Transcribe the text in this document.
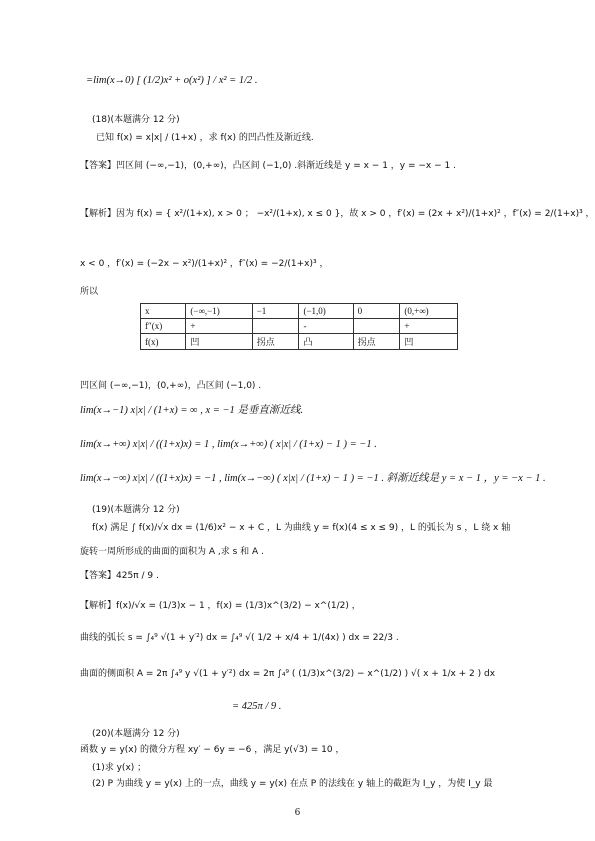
=lim(x→0) [ (1/2)x² + o(x²) ] / x² = 1/2 .
(18)(本题满分 12 分)
已知 f(x) = x|x| / (1+x) ，求 f(x) 的凹凸性及渐近线.
【答案】凹区间 (−∞,−1)，(0,+∞)，凸区间 (−1,0) .斜渐近线是 y = x − 1 ，y = −x − 1 .
【解析】因为 f(x) = { x²/(1+x), x > 0 ； −x²/(1+x), x ≤ 0 }，故 x > 0 ，f′(x) = (2x + x²)/(1+x)² ，f″(x) = 2/(1+x)³ ，
x < 0 ，f′(x) = (−2x − x²)/(1+x)² ，f″(x) = −2/(1+x)³ ，
所以
x	(−∞,−1)	−1	(−1,0)	0	(0,+∞)
f″(x)	+		-		+
f(x)	凹	拐点	凸	拐点	凹
凹区间 (−∞,−1)，(0,+∞)，凸区间 (−1,0) .
lim(x→−1) x|x| / (1+x) = ∞ , x = −1 是垂直渐近线.
lim(x→+∞) x|x| / ((1+x)x) = 1 , lim(x→+∞) ( x|x| / (1+x) − 1 ) = −1 .
lim(x→−∞) x|x| / ((1+x)x) = −1 , lim(x→−∞) ( x|x| / (1+x) − 1 ) = −1 . 斜渐近线是 y = x − 1 ，y = −x − 1 .
(19)(本题满分 12 分)
f(x) 满足 ∫ f(x)/√x dx = (1/6)x² − x + C ，L 为曲线 y = f(x)(4 ≤ x ≤ 9) ，L 的弧长为 s ，L 绕 x 轴
旋转一周所形成的曲面的面积为 A ,求 s 和 A .
【答案】425π / 9 .
【解析】f(x)/√x = (1/3)x − 1 ，f(x) = (1/3)x^(3/2) − x^(1/2) ，
曲线的弧长 s = ∫₄⁹ √(1 + y′²) dx = ∫₄⁹ √( 1/2 + x/4 + 1/(4x) ) dx = 22/3 .
曲面的侧面积 A = 2π ∫₄⁹ y √(1 + y′²) dx = 2π ∫₄⁹ ( (1/3)x^(3/2) − x^(1/2) ) √( x + 1/x + 2 ) dx
= 425π / 9 .
(20)(本题满分 12 分)
函数 y = y(x) 的微分方程 xy′ − 6y = −6 ，满足 y(√3) = 10 ，
(1)求 y(x) ；
(2) P 为曲线 y = y(x) 上的一点，曲线 y = y(x) 在点 P 的法线在 y 轴上的截距为 I_y ，为使 I_y 最
6
